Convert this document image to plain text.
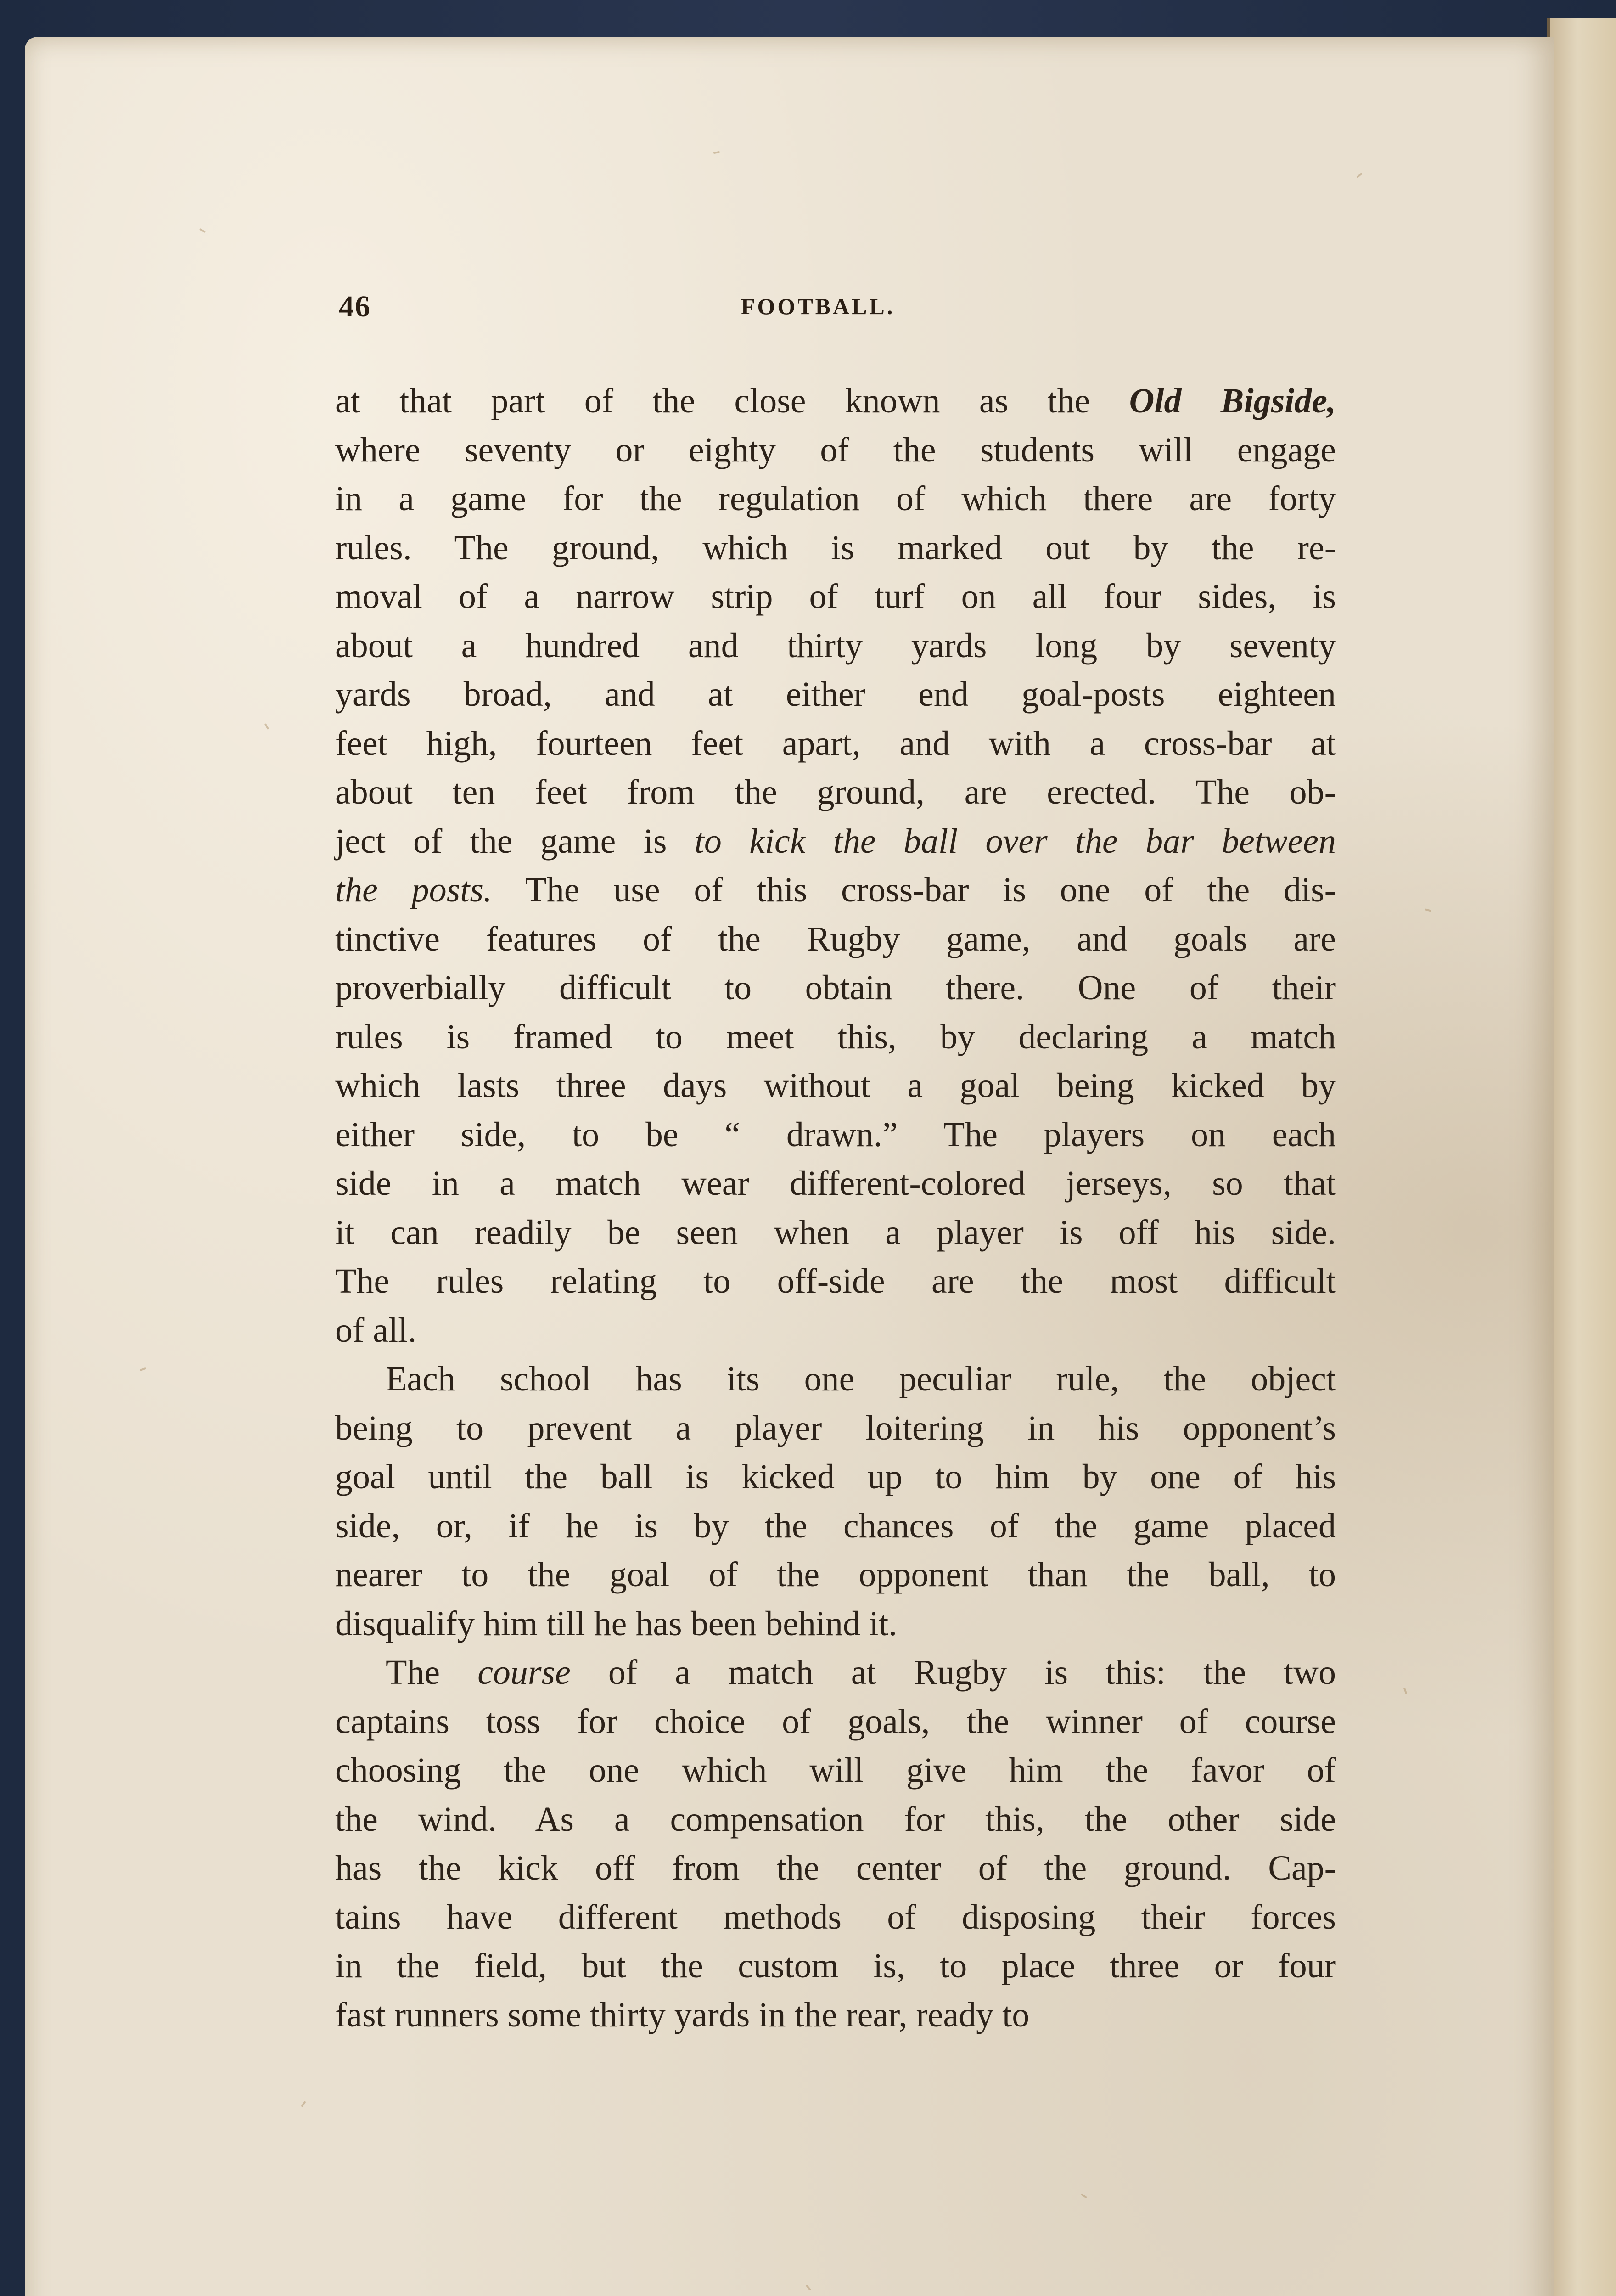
46	FOOTBALL.
at that part of the close known as the Old Bigside,
where seventy or eighty of the students will engage
in a game for the regulation of which there are forty
rules. The ground, which is marked out by the re-
moval of a narrow strip of turf on all four sides, is
about a hundred and thirty yards long by seventy
yards broad, and at either end goal-posts eighteen
feet high, fourteen feet apart, and with a cross-bar at
about ten feet from the ground, are erected. The ob-
ject of the game is to kick the ball over the bar between
the posts. The use of this cross-bar is one of the dis-
tinctive features of the Rugby game, and goals are
proverbially difficult to obtain there. One of their
rules is framed to meet this, by declaring a match
which lasts three days without a goal being kicked by
either side, to be “ drawn.” The players on each
side in a match wear different-colored jerseys, so that
it can readily be seen when a player is off his side.
The rules relating to off-side are the most difficult
of all.
Each school has its one peculiar rule, the object
being to prevent a player loitering in his opponent’s
goal until the ball is kicked up to him by one of his
side, or, if he is by the chances of the game placed
nearer to the goal of the opponent than the ball, to
disqualify him till he has been behind it.
The course of a match at Rugby is this: the two
captains toss for choice of goals, the winner of course
choosing the one which will give him the favor of
the wind. As a compensation for this, the other side
has the kick off from the center of the ground. Cap-
tains have different methods of disposing their forces
in the field, but the custom is, to place three or four
fast runners some thirty yards in the rear, ready to
